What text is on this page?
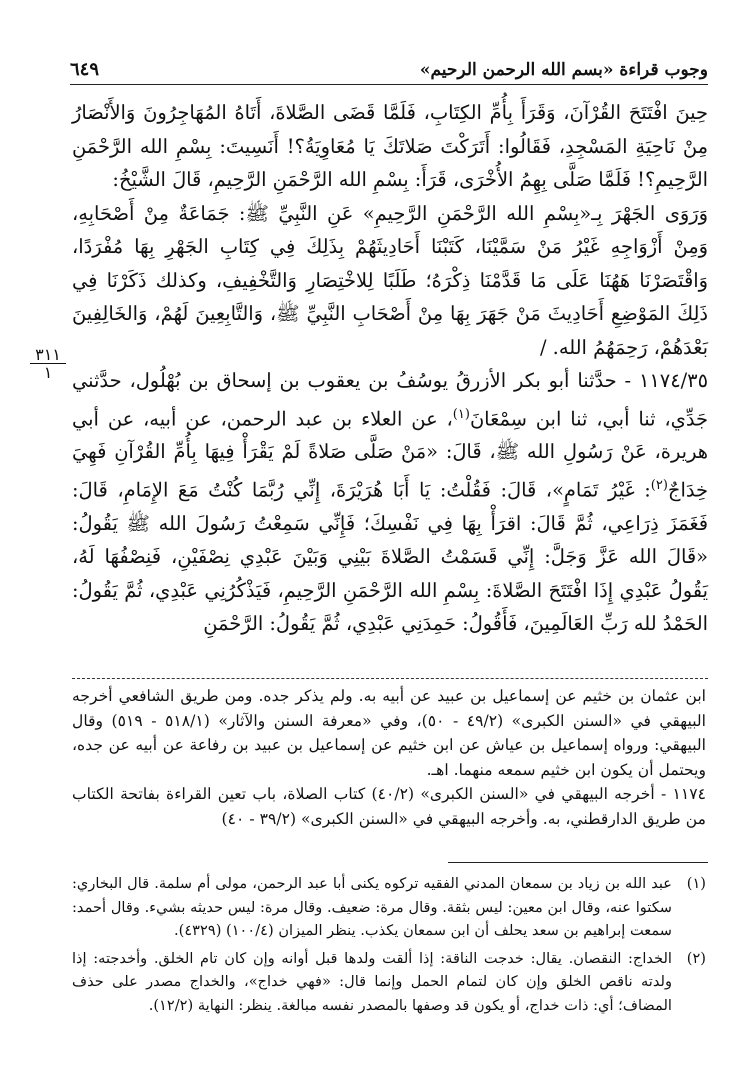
وجوب قراءة «بسم الله الرحمن الرحيم»
٦٤٩
٣١١
١

حِينَ افْتَتَحَ القُرْآنَ، وَقَرَأَ بِأُمِّ الكِتَابِ، فَلَمَّا قَضَى الصَّلاةَ، أَتَاهُ المُهَاجِرُونَ وَالأَنْصَارُ مِنْ نَاحِيَةِ المَسْجِدِ، فَقَالُوا: أَتَرَكْتَ صَلاتَكَ يَا مُعَاوِيَةُ؟! أَنَسِيتَ: بِسْمِ الله الرَّحْمَنِ الرَّحِيمِ؟! فَلَمَّا صَلَّى بِهِمُ الأُخْرَى، قَرَأَ: بِسْمِ الله الرَّحْمَنِ الرَّحِيمِ، قَالَ الشَّيْخُ:

وَرَوَى الجَهْرَ بِـ«بِسْمِ الله الرَّحْمَنِ الرَّحِيمِ» عَنِ النَّبِيِّ ﷺ: جَمَاعَةٌ مِنْ أَصْحَابِهِ، وَمِنْ أَزْوَاجِهِ غَيْرُ مَنْ سَمَّيْنَا، كَتَبْنَا أَحَادِيثَهُمْ بِذَلِكَ فِي كِتَابِ الجَهْرِ بِهَا مُفْرَدًا، وَاقْتَصَرْنَا هَهُنَا عَلَى مَا قَدَّمْنَا ذِكْرَهُ؛ طَلَبًا لِلاخْتِصَارِ وَالتَّخْفِيفِ، وكذلك ذَكَرْنَا فِي ذَلِكَ المَوْضِعِ أَحَادِيثَ مَنْ جَهَرَ بِهَا مِنْ أَصْحَابِ النَّبِيِّ ﷺ، وَالتَّابِعِينَ لَهُمْ، وَالخَالِفِينَ بَعْدَهُمْ، رَحِمَهُمُ الله. /

١١٧٤/٣٥ - حدَّثنا أبو بكر الأزرقُ يوسُفُ بن يعقوب بن إسحاق بن بُهْلُول، حدَّثني جَدِّي، ثنا أبي، ثنا ابن سِمْعَانَ$^{(١)}$، عن العلاء بن عبد الرحمن، عن أبيه، عن أبي هريرة، عَنْ رَسُولِ الله ﷺ، قَالَ: «مَنْ صَلَّى صَلاةً لَمْ يَقْرَأْ فِيهَا بِأُمِّ القُرْآنِ فَهِيَ خِدَاجٌ$^{(٢)}$: غَيْرُ تَمَامٍ»، قَالَ: فَقُلْتُ: يَا أَبَا هُرَيْرَةَ، إِنِّي رُبَّمَا كُنْتُ مَعَ الإِمَامِ، قَالَ: فَغَمَزَ ذِرَاعِي، ثُمَّ قَالَ: اقرَأْ بِهَا فِي نَفْسِكَ؛ فَإِنِّي سَمِعْتُ رَسُولَ الله ﷺ يَقُولُ: «قَالَ الله عَزَّ وَجَلَّ: إِنِّي قَسَمْتُ الصَّلاةَ بَيْنِي وَبَيْنَ عَبْدِي نِصْفَيْنِ، فَنِصْفُهَا لَهُ، يَقُولُ عَبْدِي إِذَا افْتَتَحَ الصَّلاةَ: بِسْمِ الله الرَّحْمَنِ الرَّحِيمِ، فَيَذْكُرُنِي عَبْدِي، ثُمَّ يَقُولُ: الحَمْدُ لله رَبِّ العَالَمِينَ، فَأَقُولُ: حَمِدَنِي عَبْدِي، ثُمَّ يَقُولُ: الرَّحْمَنِ

ابن عثمان بن خثيم عن إسماعيل بن عبيد عن أبيه به. ولم يذكر جده. ومن طريق الشافعي أخرجه البيهقي في «السنن الكبرى» (٤٩/٢ - ٥٠)، وفي «معرفة السنن والآثار» (٥١٨/١ - ٥١٩) وقال البيهقي: ورواه إسماعيل بن عياش عن ابن خثيم عن إسماعيل بن عبيد بن رفاعة عن أبيه عن جده، ويحتمل أن يكون ابن خثيم سمعه منهما. اهـ.

١١٧٤ - أخرجه البيهقي في «السنن الكبرى» (٤٠/٢) كتاب الصلاة، باب تعين القراءة بفاتحة الكتاب من طريق الدارقطني، به. وأخرجه البيهقي في «السنن الكبرى» (٣٩/٢ - ٤٠)

(١)
عبد الله بن زياد بن سمعان المدني الفقيه تركوه يكنى أبا عبد الرحمن، مولى أم سلمة. قال البخاري: سكتوا عنه، وقال ابن معين: ليس بثقة. وقال مرة: ضعيف. وقال مرة: ليس حديثه بشيء. وقال أحمد: سمعت إبراهيم بن سعد يحلف أن ابن سمعان يكذب. ينظر الميزان (١٠٠/٤) (٤٣٢٩).
(٢)
الخداج: النقصان. يقال: خدجت الناقة: إذا ألقت ولدها قبل أوانه وإن كان تام الخلق. وأخدجته: إذا ولدته ناقص الخلق وإن كان لتمام الحمل وإنما قال: «فهي خداج»، والخداج مصدر على حذف المضاف؛ أي: ذات خداج، أو يكون قد وصفها بالمصدر نفسه مبالغة. ينظر: النهاية (١٢/٢).
